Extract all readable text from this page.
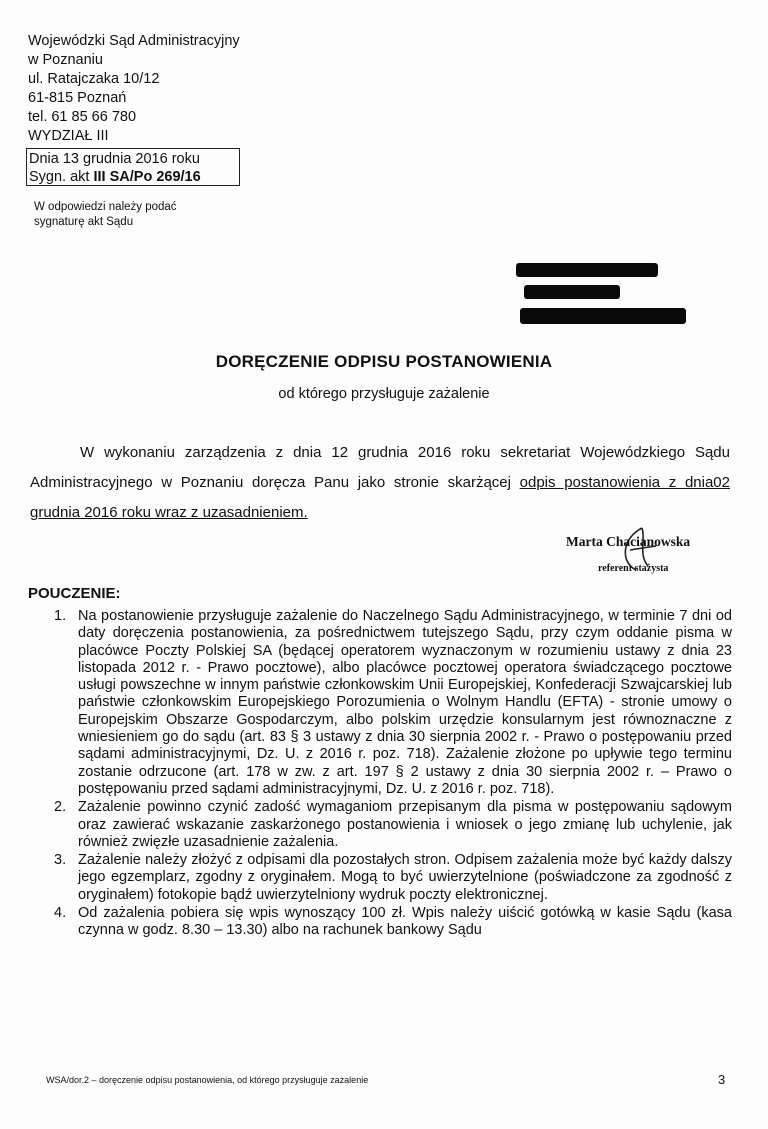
Wojewódzki Sąd Administracyjny
w Poznaniu
ul. Ratajczaka 10/12
61-815 Poznań
tel. 61 85 66 780
WYDZIAŁ III
Dnia 13 grudnia 2016 roku
Sygn. akt III SA/Po 269/16
W odpowiedzi należy podać
sygnaturę akt Sądu
DORĘCZENIE ODPISU POSTANOWIENIA
od którego przysługuje zażalenie
W wykonaniu zarządzenia z dnia 12 grudnia 2016 roku sekretariat Wojewódzkiego Sądu Administracyjnego w Poznaniu doręcza Panu jako stronie skarżącej odpis postanowienia z dnia02 grudnia 2016 roku wraz z uzasadnieniem.
Marta Chacianowska
referent stażysta
POUCZENIE:
1. Na postanowienie przysługuje zażalenie do Naczelnego Sądu Administracyjnego, w terminie 7 dni od daty doręczenia postanowienia, za pośrednictwem tutejszego Sądu, przy czym oddanie pisma w placówce Poczty Polskiej SA (będącej operatorem wyznaczonym w rozumieniu ustawy z dnia 23 listopada 2012 r. - Prawo pocztowe), albo placówce pocztowej operatora świadczącego pocztowe usługi powszechne w innym państwie członkowskim Unii Europejskiej, Konfederacji Szwajcarskiej lub państwie członkowskim Europejskiego Porozumienia o Wolnym Handlu (EFTA) - stronie umowy o Europejskim Obszarze Gospodarczym, albo polskim urzędzie konsularnym jest równoznaczne z wniesieniem go do sądu (art. 83 § 3 ustawy z dnia 30 sierpnia 2002 r. - Prawo o postępowaniu przed sądami administracyjnymi, Dz. U. z 2016 r. poz. 718). Zażalenie złożone po upływie tego terminu zostanie odrzucone (art. 178 w zw. z art. 197 § 2 ustawy z dnia 30 sierpnia 2002 r. – Prawo o postępowaniu przed sądami administracyjnymi, Dz. U. z 2016 r. poz. 718).
2. Zażalenie powinno czynić zadość wymaganiom przepisanym dla pisma w postępowaniu sądowym oraz zawierać wskazanie zaskarżonego postanowienia i wniosek o jego zmianę lub uchylenie, jak również zwięzłe uzasadnienie zażalenia.
3. Zażalenie należy złożyć z odpisami dla pozostałych stron. Odpisem zażalenia może być każdy dalszy jego egzemplarz, zgodny z oryginałem. Mogą to być uwierzytelnione (poświadczone za zgodność z oryginałem) fotokopie bądź uwierzytelniony wydruk poczty elektronicznej.
4. Od zażalenia pobiera się wpis wynoszący 100 zł. Wpis należy uiścić gotówką w kasie Sądu (kasa czynna w godz. 8.30 – 13.30) albo na rachunek bankowy Sądu
WSA/dor.2 – doręczenie odpisu postanowienia, od którego przysługuje zażalenie	3
